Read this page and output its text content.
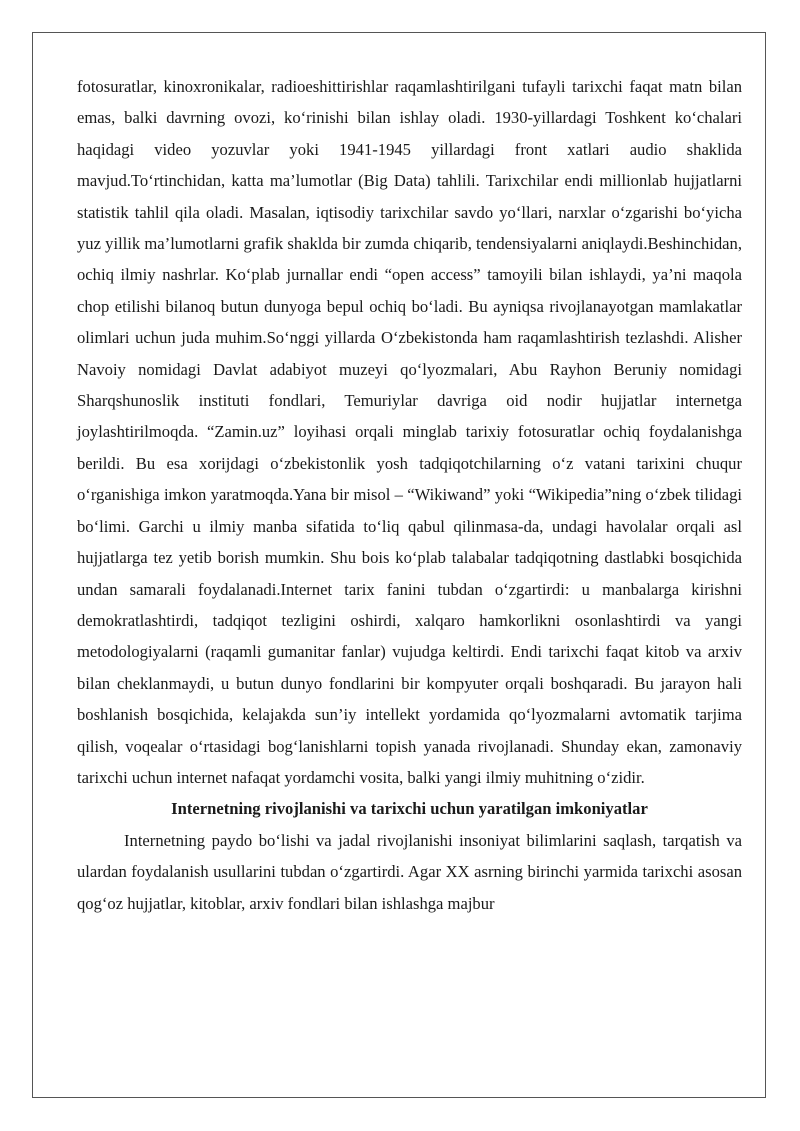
fotosuratlar, kinoxronikalar, radioeshittirishlar raqamlashtirilgani tufayli tarixchi faqat matn bilan emas, balki davrning ovozi, ko‘rinishi bilan ishlay oladi. 1930-yillardagi Toshkent ko‘chalari haqidagi video yozuvlar yoki 1941-1945 yillardagi front xatlari audio shaklida mavjud.To‘rtinchidan, katta ma’lumotlar (Big Data) tahlili. Tarixchilar endi millionlab hujjatlarni statistik tahlil qila oladi. Masalan, iqtisodiy tarixchilar savdo yo‘llari, narxlar o‘zgarishi bo‘yicha yuz yillik ma’lumotlarni grafik shaklda bir zumda chiqarib, tendensiyalarni aniqlaydi.Beshinchidan, ochiq ilmiy nashrlar. Ko‘plab jurnallar endi “open access” tamoyili bilan ishlaydi, ya’ni maqola chop etilishi bilanoq butun dunyoga bepul ochiq bo‘ladi. Bu ayniqsa rivojlanayotgan mamlakatlar olimlari uchun juda muhim.So‘nggi yillarda O‘zbekistonda ham raqamlashtirish tezlashdi. Alisher Navoiy nomidagi Davlat adabiyot muzeyi qo‘lyozmalari, Abu Rayhon Beruniy nomidagi Sharqshunoslik instituti fondlari, Temuriylar davriga oid nodir hujjatlar internetga joylashtirilmoqda. “Zamin.uz” loyihasi orqali minglab tarixiy fotosuratlar ochiq foydalanishga berildi. Bu esa xorijdagi o‘zbekistonlik yosh tadqiqotchilarning o‘z vatani tarixini chuqur o‘rganishiga imkon yaratmoqda.Yana bir misol – “Wikiwand” yoki “Wikipedia”ning o‘zbek tilidagi bo‘limi. Garchi u ilmiy manba sifatida to‘liq qabul qilinmasa-da, undagi havolalar orqali asl hujjatlarga tez yetib borish mumkin. Shu bois ko‘plab talabalar tadqiqotning dastlabki bosqichida undan samarali foydalanadi.Internet tarix fanini tubdan o‘zgartirdi: u manbalarga kirishni demokratlashtirdi, tadqiqot tezligini oshirdi, xalqaro hamkorlikni osonlashtirdi va yangi metodologiyalarni (raqamli gumanitar fanlar) vujudga keltirdi. Endi tarixchi faqat kitob va arxiv bilan cheklanmaydi, u butun dunyo fondlarini bir kompyuter orqali boshqaradi. Bu jarayon hali boshlanish bosqichida, kelajakda sun’iy intellekt yordamida qo‘lyozmalarni avtomatik tarjima qilish, voqealar o‘rtasidagi bog‘lanishlarni topish yanada rivojlanadi. Shunday ekan, zamonaviy tarixchi uchun internet nafaqat yordamchi vosita, balki yangi ilmiy muhitning o‘zidir.

Internetning rivojlanishi va tarixchi uchun yaratilgan imkoniyatlar

Internetning paydo bo‘lishi va jadal rivojlanishi insoniyat bilimlarini saqlash, tarqatish va ulardan foydalanish usullarini tubdan o‘zgartirdi. Agar XX asrning birinchi yarmida tarixchi asosan qog‘oz hujjatlar, kitoblar, arxiv fondlari bilan ishlashga majbur
